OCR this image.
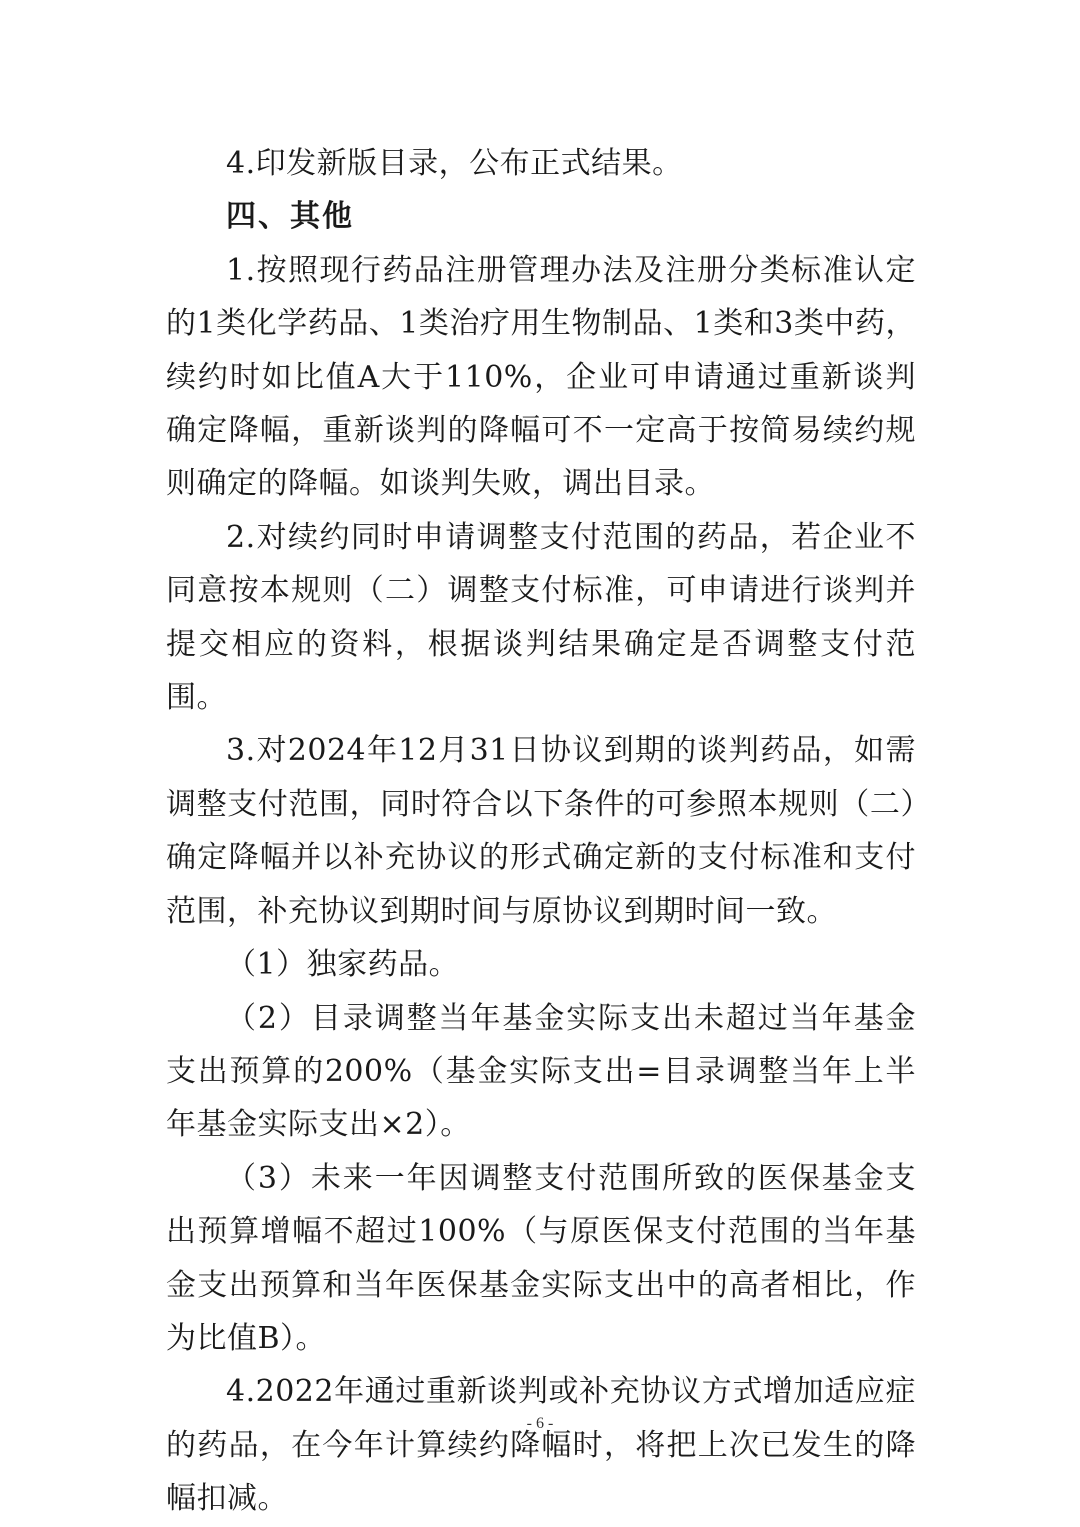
4.印发新版目录，公布正式结果。

四、其他

1.按照现行药品注册管理办法及注册分类标准认定的1类化学药品、1类治疗用生物制品、1类和3类中药，续约时如比值A大于110%，企业可申请通过重新谈判确定降幅，重新谈判的降幅可不一定高于按简易续约规则确定的降幅。如谈判失败，调出目录。

2.对续约同时申请调整支付范围的药品，若企业不同意按本规则（二）调整支付标准，可申请进行谈判并提交相应的资料，根据谈判结果确定是否调整支付范围。

3.对2024年12月31日协议到期的谈判药品，如需调整支付范围，同时符合以下条件的可参照本规则（二）确定降幅并以补充协议的形式确定新的支付标准和支付范围，补充协议到期时间与原协议到期时间一致。

（1）独家药品。

（2）目录调整当年基金实际支出未超过当年基金支出预算的200%（基金实际支出=目录调整当年上半年基金实际支出×2）。

（3）未来一年因调整支付范围所致的医保基金支出预算增幅不超过100%（与原医保支付范围的当年基金支出预算和当年医保基金实际支出中的高者相比，作为比值B）。

4.2022年通过重新谈判或补充协议方式增加适应症的药品，在今年计算续约降幅时，将把上次已发生的降幅扣减。

- 6 -
